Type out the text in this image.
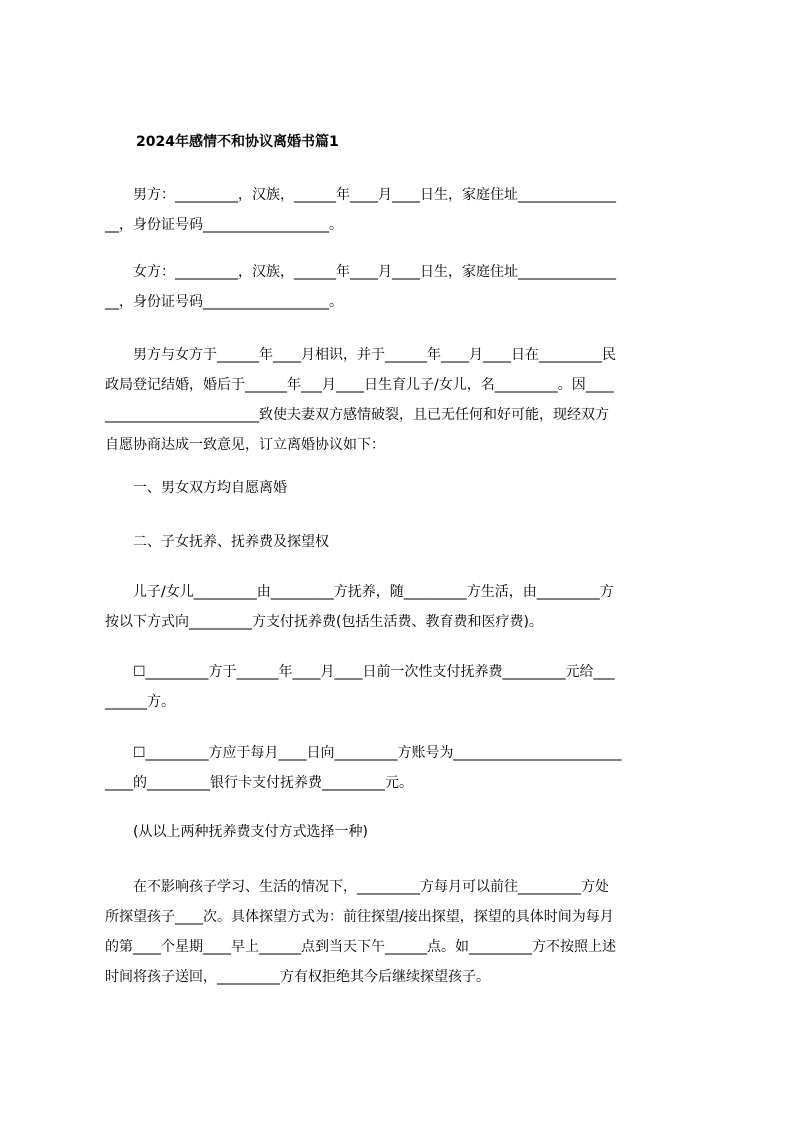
2024年感情不和协议离婚书篇1
　　男方：_________，汉族，______年____月____日生，家庭住址______________
__，身份证号码__________________。
　　女方：_________，汉族，______年____月____日生，家庭住址______________
__，身份证号码__________________。
　　男方与女方于______年____月相识，并于______年____月____日在_________民
政局登记结婚，婚后于______年___月____日生育儿子/女儿，名_________。因____
______________________致使夫妻双方感情破裂，且已无任何和好可能，现经双方
自愿协商达成一致意见，订立离婚协议如下：
　　一、男女双方均自愿离婚
　　二、子女抚养、抚养费及探望权
　　儿子/女儿_________由_________方抚养，随_________方生活，由_________方
按以下方式向_________方支付抚养费(包括生活费、教育费和医疗费)。
　　☐_________方于______年____月____日前一次性支付抚养费_________元给___
______方。
　　☐_________方应于每月____日向_________方账号为________________________
____的_________银行卡支付抚养费_________元。
　　(从以上两种抚养费支付方式选择一种)
　　在不影响孩子学习、生活的情况下，_________方每月可以前往_________方处
所探望孩子____次。具体探望方式为：前往探望/接出探望，探望的具体时间为每月
的第____个星期____早上______点到当天下午______点。如_________方不按照上述
时间将孩子送回，_________方有权拒绝其今后继续探望孩子。
